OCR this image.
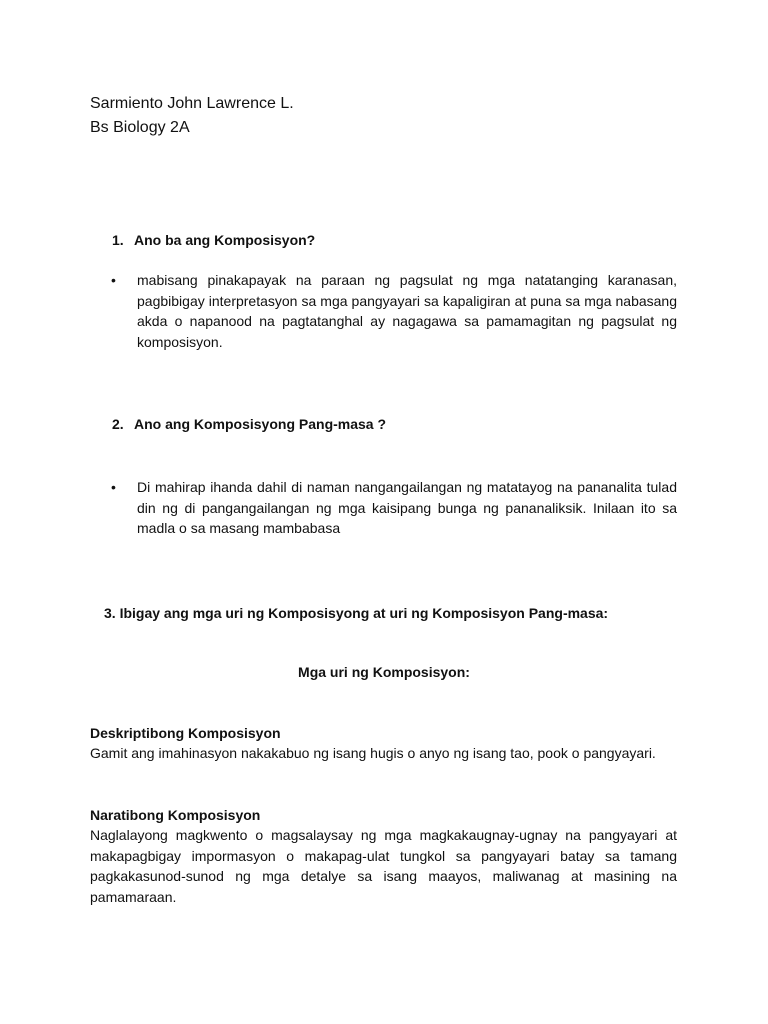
Sarmiento John Lawrence L.
Bs Biology 2A
1. Ano ba ang Komposisyon?
•	mabisang pinakapayak na paraan ng pagsulat ng mga natatanging karanasan, pagbibigay interpretasyon sa mga pangyayari sa kapaligiran at puna sa mga nabasang akda o napanood na pagtatanghal ay nagagawa sa pamamagitan ng pagsulat ng komposisyon.
2. Ano ang Komposisyong Pang-masa ?
•	Di mahirap ihanda dahil di naman nangangailangan ng matatayog na pananalita tulad din ng di pangangailangan ng mga kaisipang bunga ng pananaliksik. Inilaan ito sa madla o sa masang mambabasa
3. Ibigay ang mga uri ng Komposisyong at uri ng Komposisyon Pang-masa:
Mga uri ng Komposisyon:
Deskriptibong Komposisyon
Gamit ang imahinasyon nakakabuo ng isang hugis o anyo ng isang tao, pook o pangyayari.
Naratibong Komposisyon
Naglalayong magkwento o magsalaysay ng mga magkakaugnay-ugnay na pangyayari at makapagbigay impormasyon o makapag-ulat tungkol sa pangyayari batay sa tamang pagkakasunod-sunod ng mga detalye sa isang maayos, maliwanag at masining na pamamaraan.
